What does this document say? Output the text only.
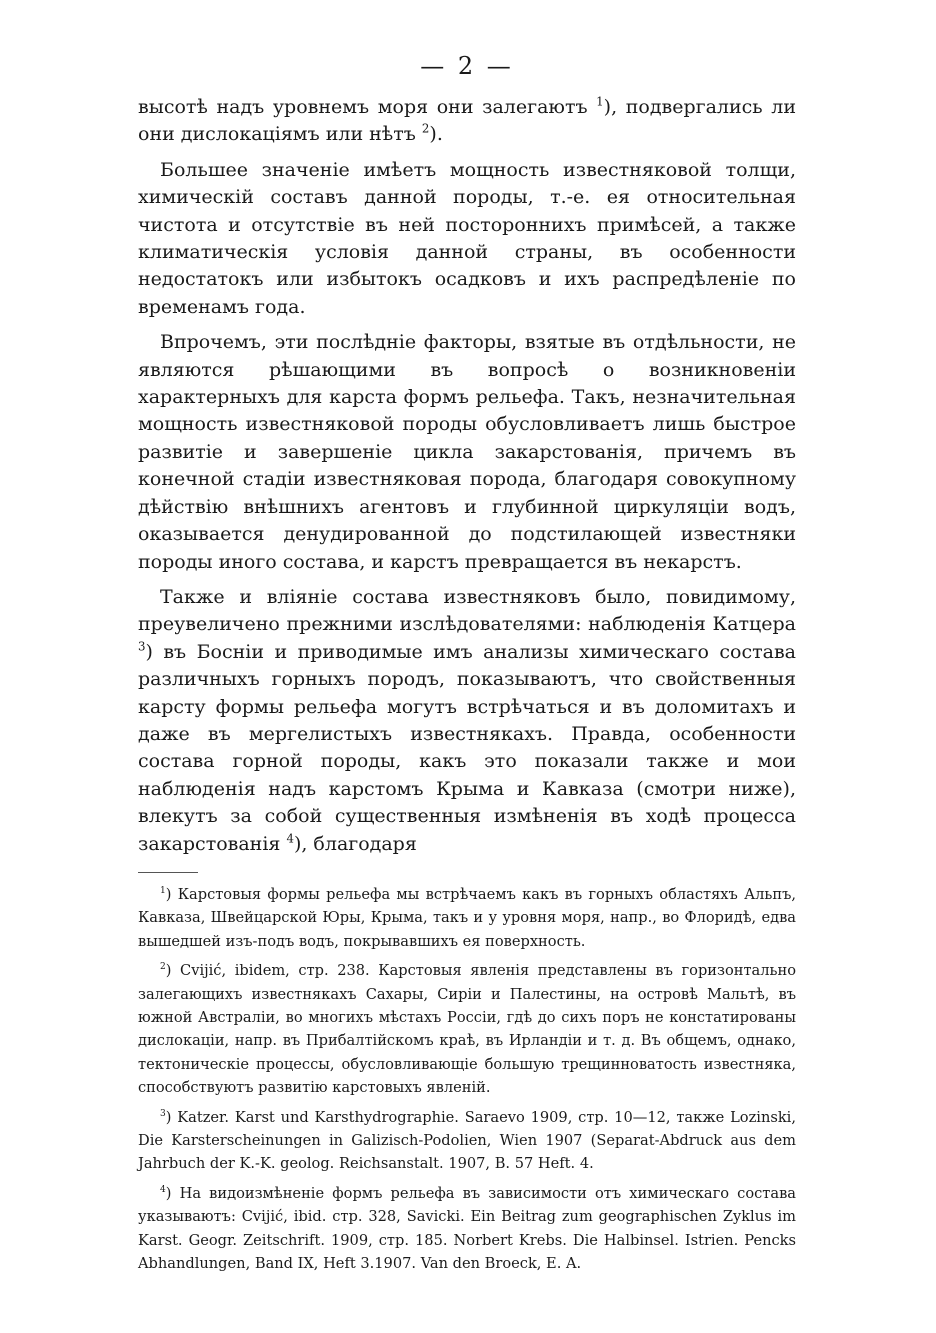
— 2 —

высотѣ надъ уровнемъ моря они залегаютъ $^1$), подвергались ли они дислокаціямъ или нѣтъ $^2$).

Большее значеніе имѣетъ мощность известняковой толщи, химическій составъ данной породы, т.-е. ея относительная чистота и отсутствіе въ ней постороннихъ примѣсей, а также климатическія условія данной страны, въ особенности недостатокъ или избытокъ осадковъ и ихъ распредѣленіе по временамъ года.

Впрочемъ, эти послѣдніе факторы, взятые въ отдѣльности, не являются рѣшающими въ вопросѣ о возникновеніи характерныхъ для карста формъ рельефа. Такъ, незначительная мощность известняковой породы обусловливаетъ лишь быстрое развитіе и завершеніе цикла закарстованія, причемъ въ конечной стадіи известняковая порода, благодаря совокупному дѣйствію внѣшнихъ агентовъ и глубинной циркуляціи водъ, оказывается денудированной до подстилающей известняки породы иного состава, и карстъ превращается въ некарстъ.

Также и вліяніе состава известняковъ было, повидимому, преувеличено прежними изслѣдователями: наблюденія Катцера $^3$) въ Босніи и приводимые имъ анализы химическаго состава различныхъ горныхъ породъ, показываютъ, что свойственныя карсту формы рельефа могутъ встрѣчаться и въ доломитахъ и даже въ мергелистыхъ известнякахъ. Правда, особенности состава горной породы, какъ это показали также и мои наблюденія надъ карстомъ Крыма и Кавказа (смотри ниже), влекутъ за собой существенныя измѣненія въ ходѣ процесса закарстованія $^4$), благодаря

$^1$) Карстовыя формы рельефа мы встрѣчаемъ какъ въ горныхъ областяхъ Альпъ, Кавказа, Швейцарской Юры, Крыма, такъ и у уровня моря, напр., во Флоридѣ, едва вышедшей изъ-подъ водъ, покрывавшихъ ея поверхность.

$^2$) Cvijić, ibidem, стр. 238. Карстовыя явленія представлены въ горизонтально залегающихъ известнякахъ Сахары, Сиріи и Палестины, на островѣ Мальтѣ, въ южной Австраліи, во многихъ мѣстахъ Россіи, гдѣ до сихъ поръ не констатированы дислокаціи, напр. въ Прибалтійскомъ краѣ, въ Ирландіи и т. д. Въ общемъ, однако, тектоническіе процессы, обусловливающіе большую трещинноватость известняка, способствуютъ развитію карстовыхъ явленій.

$^3$) Katzer. Karst und Karsthydrographie. Saraevo 1909, стр. 10—12, также Lozinski, Die Karsterscheinungen in Galizisch-Podolien, Wien 1907 (Separat-Abdruck aus dem Jahrbuch der K.-K. geolog. Reichsanstalt. 1907, B. 57 Heft. 4.

$^4$) На видоизмѣненіе формъ рельефа въ зависимости отъ химическаго состава указываютъ: Cvijić, ibid. стр. 328, Savicki. Ein Beitrag zum geographischen Zyklus im Karst. Geogr. Zeitschrift. 1909, стр. 185. Norbert Krebs. Die Halbinsel. Istrien. Pencks Abhandlungen, Band IX, Heft 3.1907. Van den Broeck, E. A.
